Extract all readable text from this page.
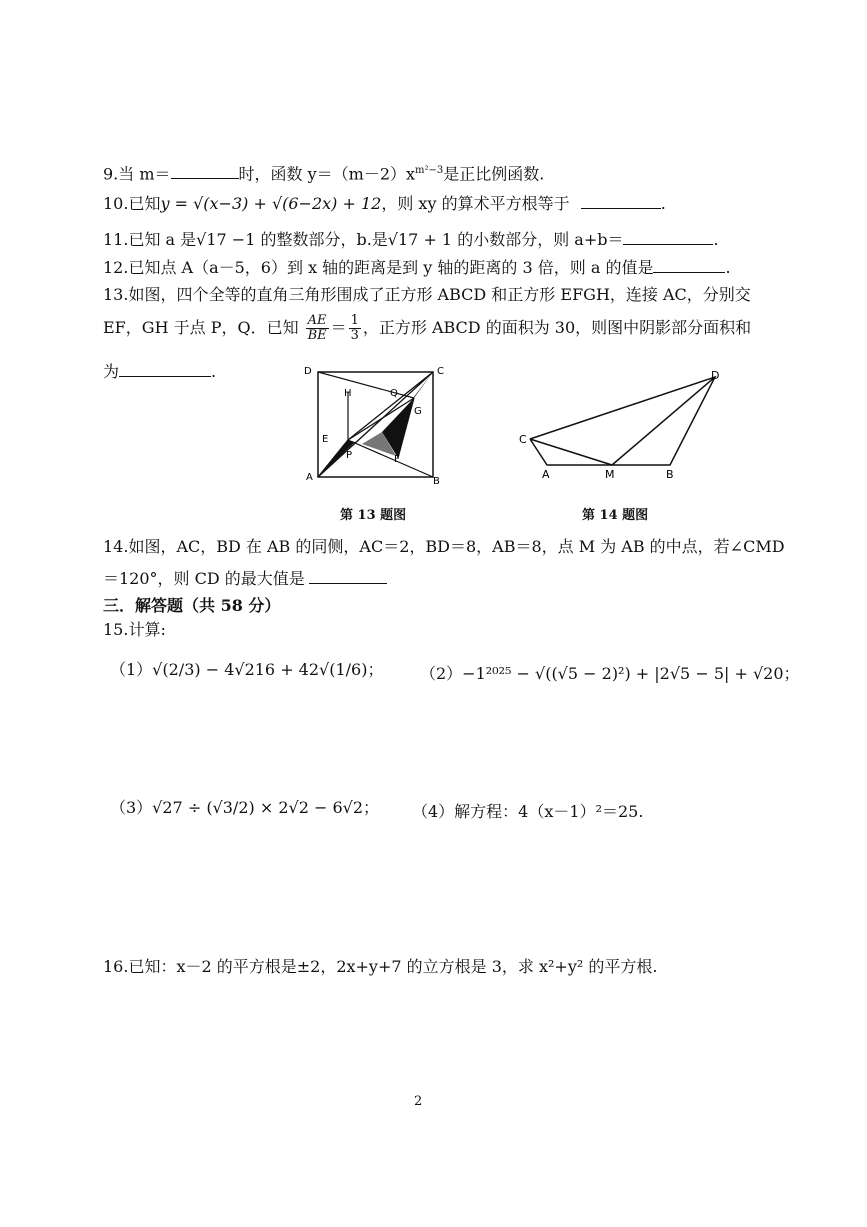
9.当 m＝	时，函数 $y=(m-2)x^{m^2-3}$是正比例函数.
10.已知y = √(x−3) + √(6−2x) + 12，则 xy 的算术平方根等于	.
11.已知 a 是√17 −1 的整数部分，b.是√17 + 1 的小数部分，则 a+b＝	.
12.已知点 A（a－5，6）到 x 轴的距离是到 y 轴的距离的 3 倍，则 a 的值是	.
13.如图，四个全等的直角三角形围成了正方形 ABCD 和正方形 EFGH，连接 AC，分别交
EF，GH 于点 P，Q．已知 $\frac{AE}{BE} = \frac{1}{3}$ ，正方形 ABCD 的面积为 30，则图中阴影部分面积和
为	.	D	C
A	B
H	Q
G
E
P	F
第 13 题图
C
A	M	B
D
第 14 题图
14.如图，AC，BD 在 AB 的同侧，AC＝2，BD＝8，AB＝8，点 M 为 AB 的中点，若∠CMD
＝120°，则 CD 的最大值是
三．解答题（共 58 分）
15.计算:
（1）√(2/3) − 4√216 + 42√(1/6)； （2）−1²⁰²⁵ − √((√5 − 2)²) + |2√5 − 5| + √20；
（3）√27 ÷ (√3/2) × 2√2 − 6√2； （4）解方程：4（x－1）²＝25.
16.已知：x－2 的平方根是±2，2x+y+7 的立方根是 3，求 x²+y² 的平方根.
2
